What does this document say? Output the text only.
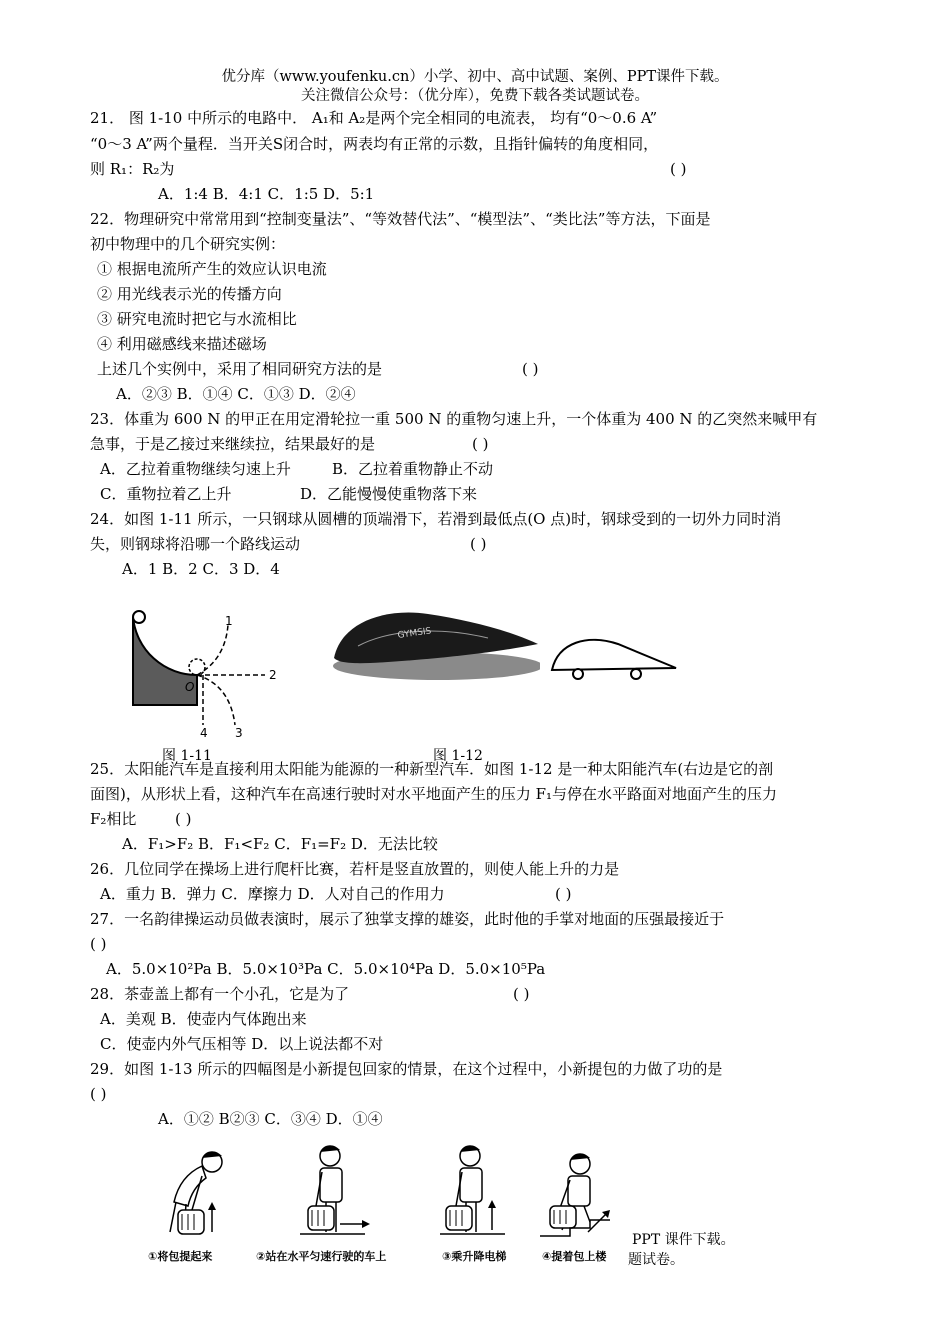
优分库（www.youfenku.cn）小学、初中、高中试题、案例、PPT课件下载。
关注微信公众号：（优分库），免费下载各类试题试卷。
21． 图 1-10 中所示的电路中． A₁和 A₂是两个完全相同的电流表， 均有“0～0.6 A”
“0～3 A”两个量程．当开关S闭合时，两表均有正常的示数，且指针偏转的角度相同，
则 R₁：R₂为	( )
A．1:4 B．4:1 C．1:5 D．5:1
22．物理研究中常常用到“控制变量法”、“等效替代法”、“模型法”、“类比法”等方法，下面是
初中物理中的几个研究实例：
① 根据电流所产生的效应认识电流
② 用光线表示光的传播方向
③ 研究电流时把它与水流相比
④ 利用磁感线来描述磁场
上述几个实例中，采用了相同研究方法的是	( )
A．②③ B．①④ C．①③ D．②④
23．体重为 600 N 的甲正在用定滑轮拉一重 500 N 的重物匀速上升，一个体重为 400 N 的乙突然来喊甲有
急事，于是乙接过来继续拉，结果最好的是	( )
A．乙拉着重物继续匀速上升	B．乙拉着重物静止不动
C．重物拉着乙上升	D．乙能慢慢使重物落下来
24．如图 1-11 所示，一只钢球从圆槽的顶端滑下，若滑到最低点(O 点)时，钢球受到的一切外力同时消
失，则钢球将沿哪一个路线运动	( )
A．1 B．2 C．3 D．4
1
2
3
4
O
GYMSIS
图 1-11	图 1-12
25．太阳能汽车是直接利用太阳能为能源的一种新型汽车．如图 1-12 是一种太阳能汽车(右边是它的剖
面图)，从形状上看，这种汽车在高速行驶时对水平地面产生的压力 F₁与停在水平路面对地面产生的压力
F₂相比	( )
A．F₁>F₂ B．F₁<F₂ C．F₁=F₂ D．无法比较
26．几位同学在操场上进行爬杆比赛，若杆是竖直放置的，则使人能上升的力是
A．重力 B．弹力 C．摩擦力 D．人对自己的作用力	( )
27．一名韵律操运动员做表演时，展示了独掌支撑的雄姿，此时他的手掌对地面的压强最接近于
( )
A．5.0×10²Pa B．5.0×10³Pa C．5.0×10⁴Pa D．5.0×10⁵Pa
28．茶壶盖上都有一个小孔，它是为了	( )
A．美观 B．使壶内气体跑出来
C．使壶内外气压相等 D．以上说法都不对
29．如图 1-13 所示的四幅图是小新提包回家的情景，在这个过程中，小新提包的力做了功的是
( )
A．①② B②③ C．③④ D．①④
①将包提起来	②站在水平匀速行驶的车上	③乘升降电梯	④提着包上楼
PPT 课件下载。
题试卷。
